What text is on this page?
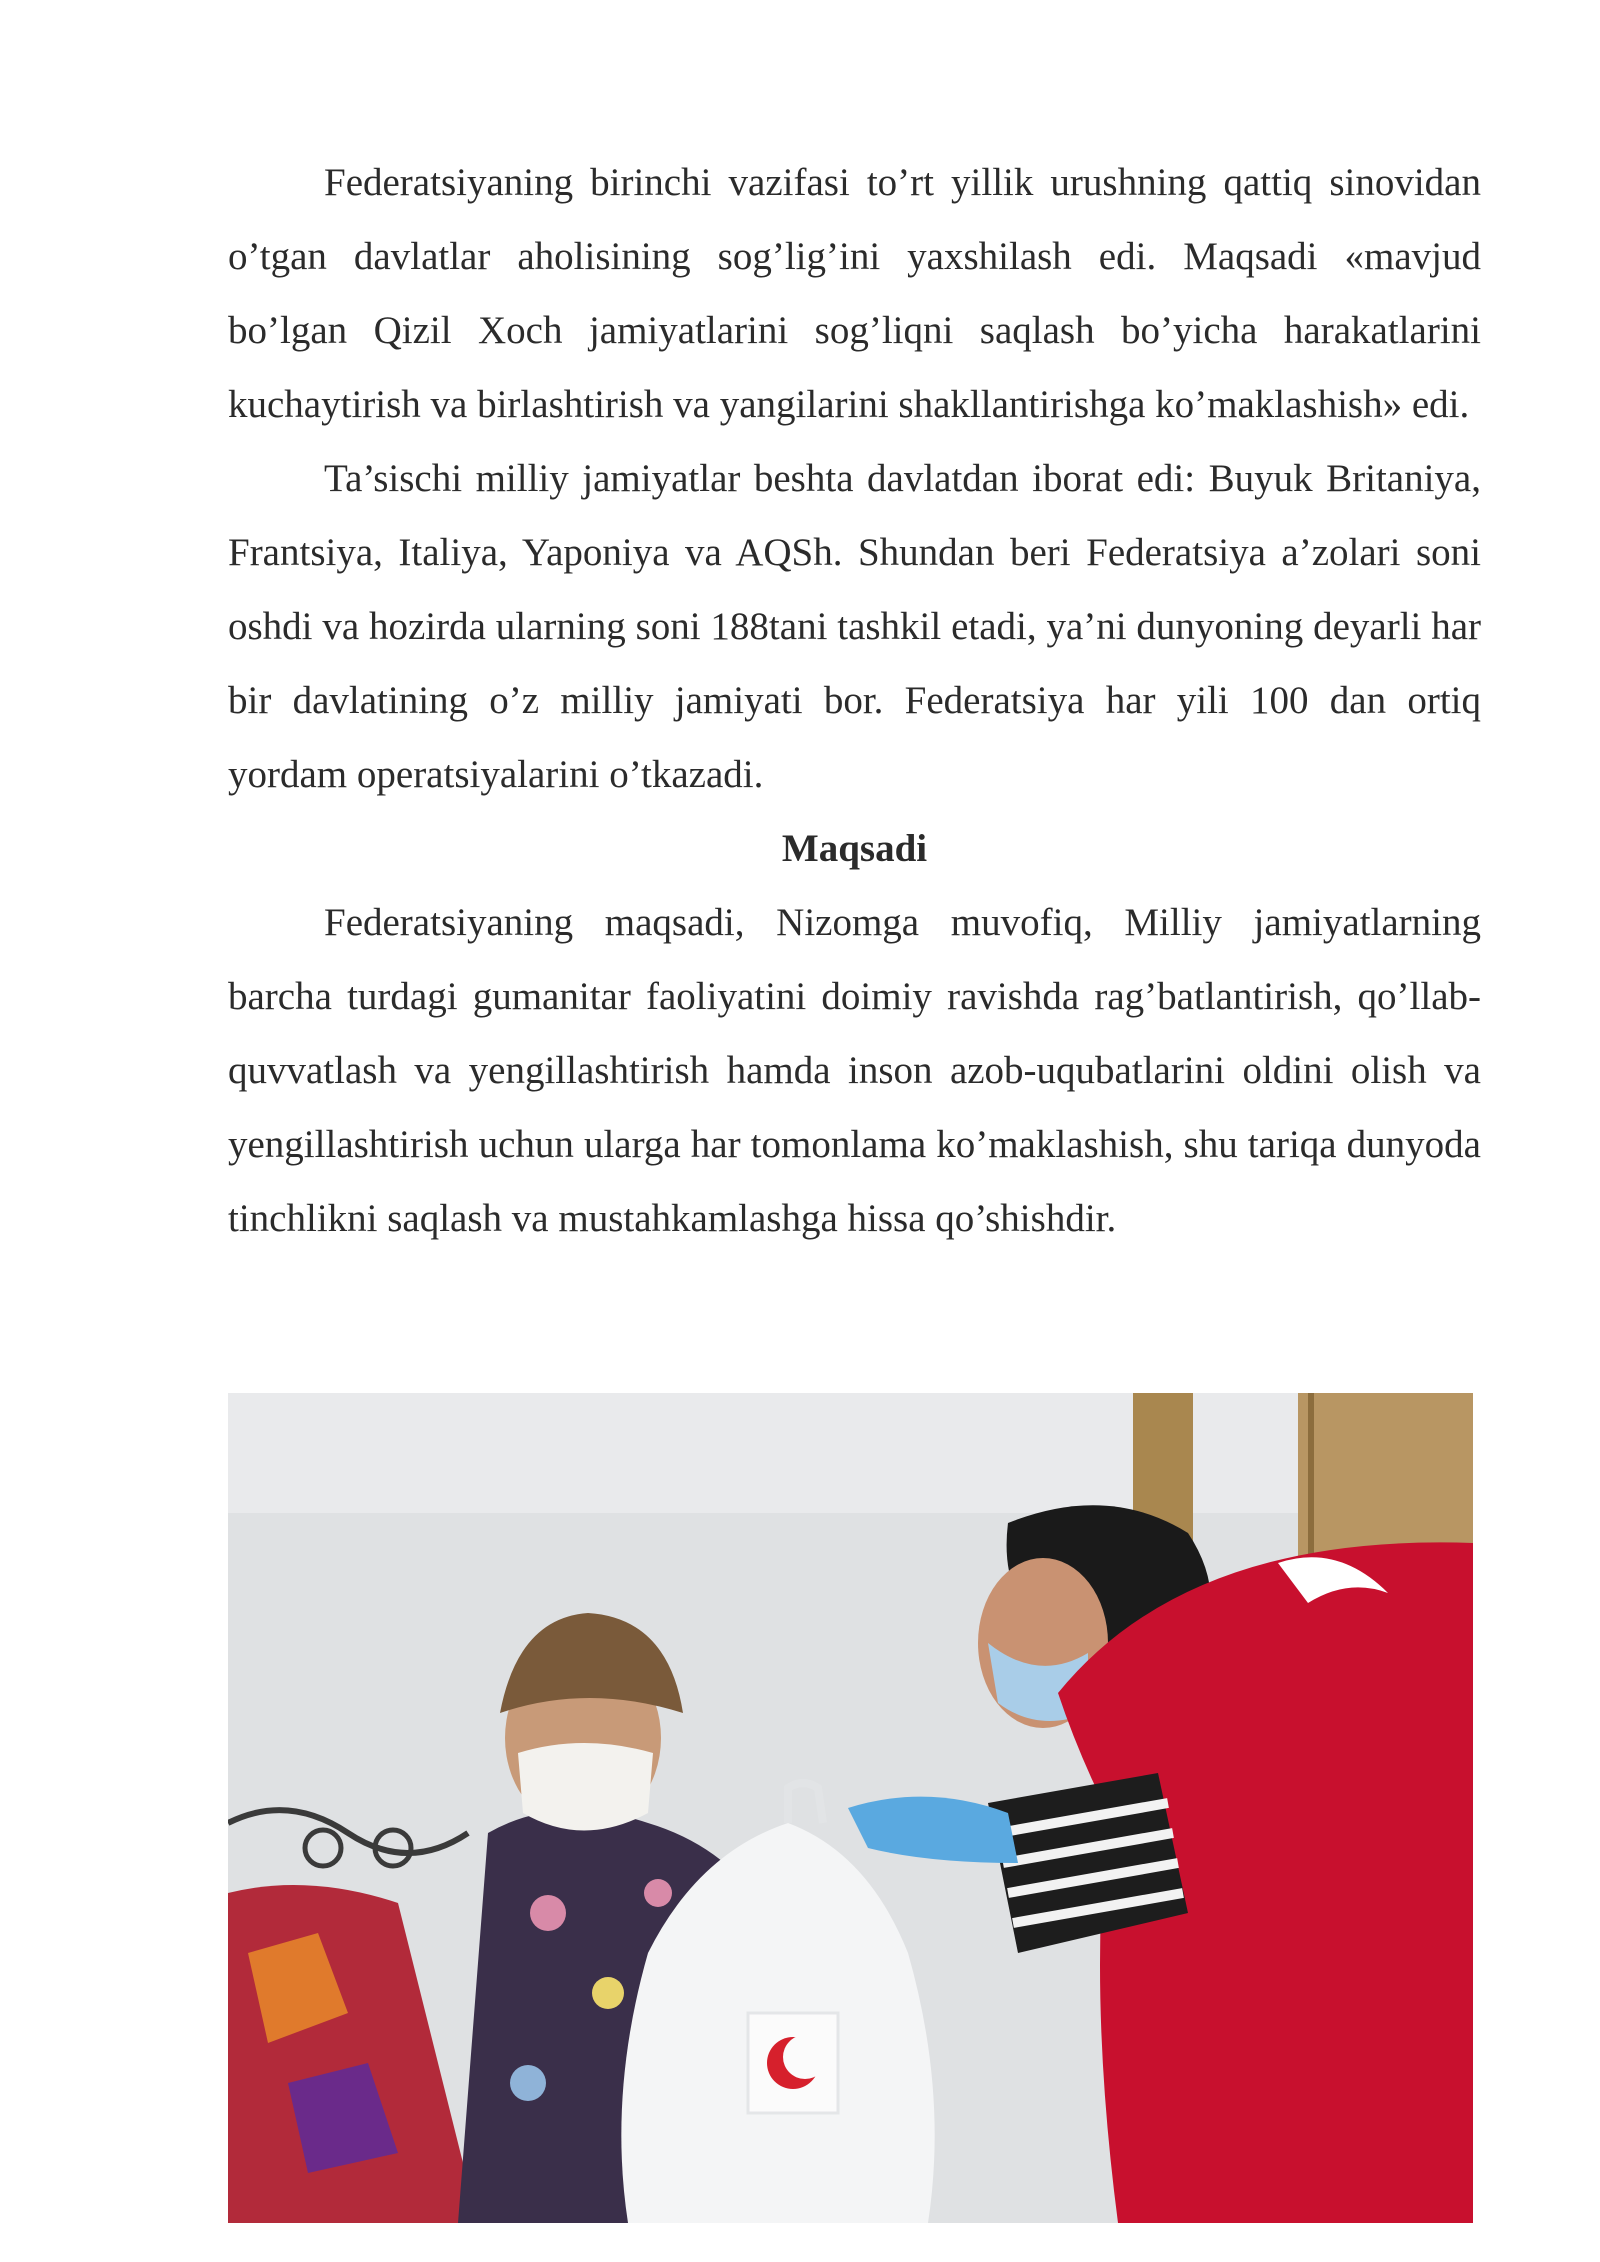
Federatsiyaning birinchi vazifasi to’rt yillik urushning qattiq sinovidan o’tgan davlatlar aholisining sog’lig’ini yaxshilash edi. Maqsadi «mavjud bo’lgan Qizil Xoch jamiyatlarini sog’liqni saqlash bo’yicha harakatlarini kuchaytirish va birlashtirish va yangilarini shakllantirishga ko’maklashish» edi.

Ta’sischi milliy jamiyatlar beshta davlatdan iborat edi: Buyuk Britaniya, Frantsiya, Italiya, Yaponiya va AQSh. Shundan beri Federatsiya a’zolari soni oshdi va hozirda ularning soni 188tani tashkil etadi, ya’ni dunyoning deyarli har bir davlatining o’z milliy jamiyati bor. Federatsiya har yili 100 dan ortiq yordam operatsiyalarini o’tkazadi.

Maqsadi

Federatsiyaning maqsadi, Nizomga muvofiq, Milliy jamiyatlarning barcha turdagi gumanitar faoliyatini doimiy ravishda rag’batlantirish, qo’llab-quvvatlash va yengillashtirish hamda inson azob-uqubatlarini oldini olish va yengillashtirish uchun ularga har tomonlama ko’maklashish, shu tariqa dunyoda tinchlikni saqlash va mustahkamlashga hissa qo’shishdir.
